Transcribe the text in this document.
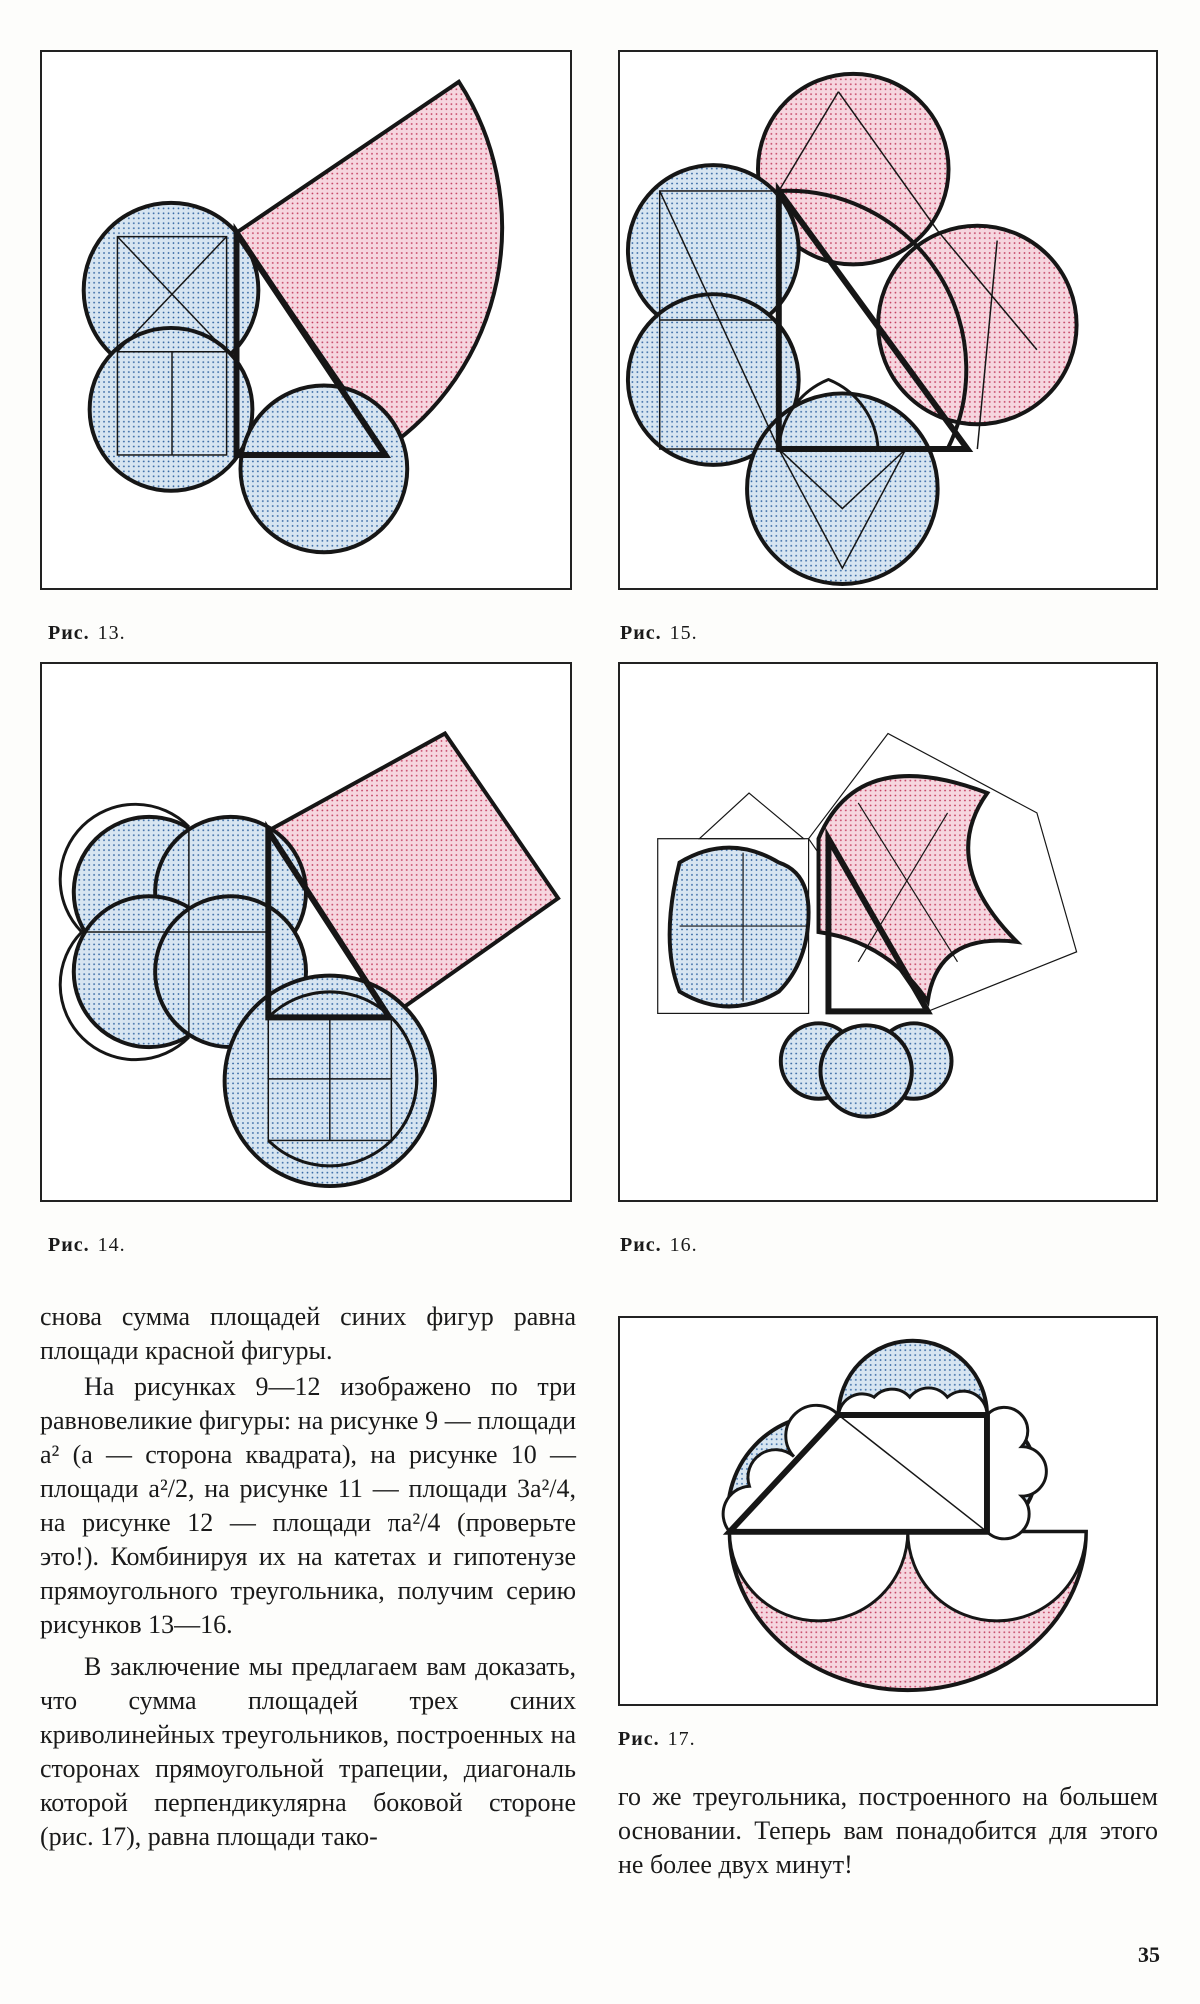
Рис. 13.	Рис. 15.
Рис. 14.	Рис. 16.
Рис. 17.

снова сумма площадей синих фигур равна площади красной фигуры.

На рисунках 9—12 изображено по три равновеликие фигуры: на рисунке 9 — площади a² (a — сторона квадрата), на рисунке 10 — площади a²/2, на рисунке 11 — площади 3a²/4, на рисунке 12 — площади πa²/4 (проверьте это!). Комбинируя их на катетах и гипотенузе прямоугольного треугольника, получим серию рисунков 13—16.

В заключение мы предлагаем вам доказать, что сумма площадей трех синих криволинейных треугольников, построенных на сторонах прямоугольной трапеции, диагональ которой перпендикулярна боковой стороне (рис. 17), равна площади тако-

го же треугольника, построенного на большем основании. Теперь вам понадобится для этого не более двух минут!

35
